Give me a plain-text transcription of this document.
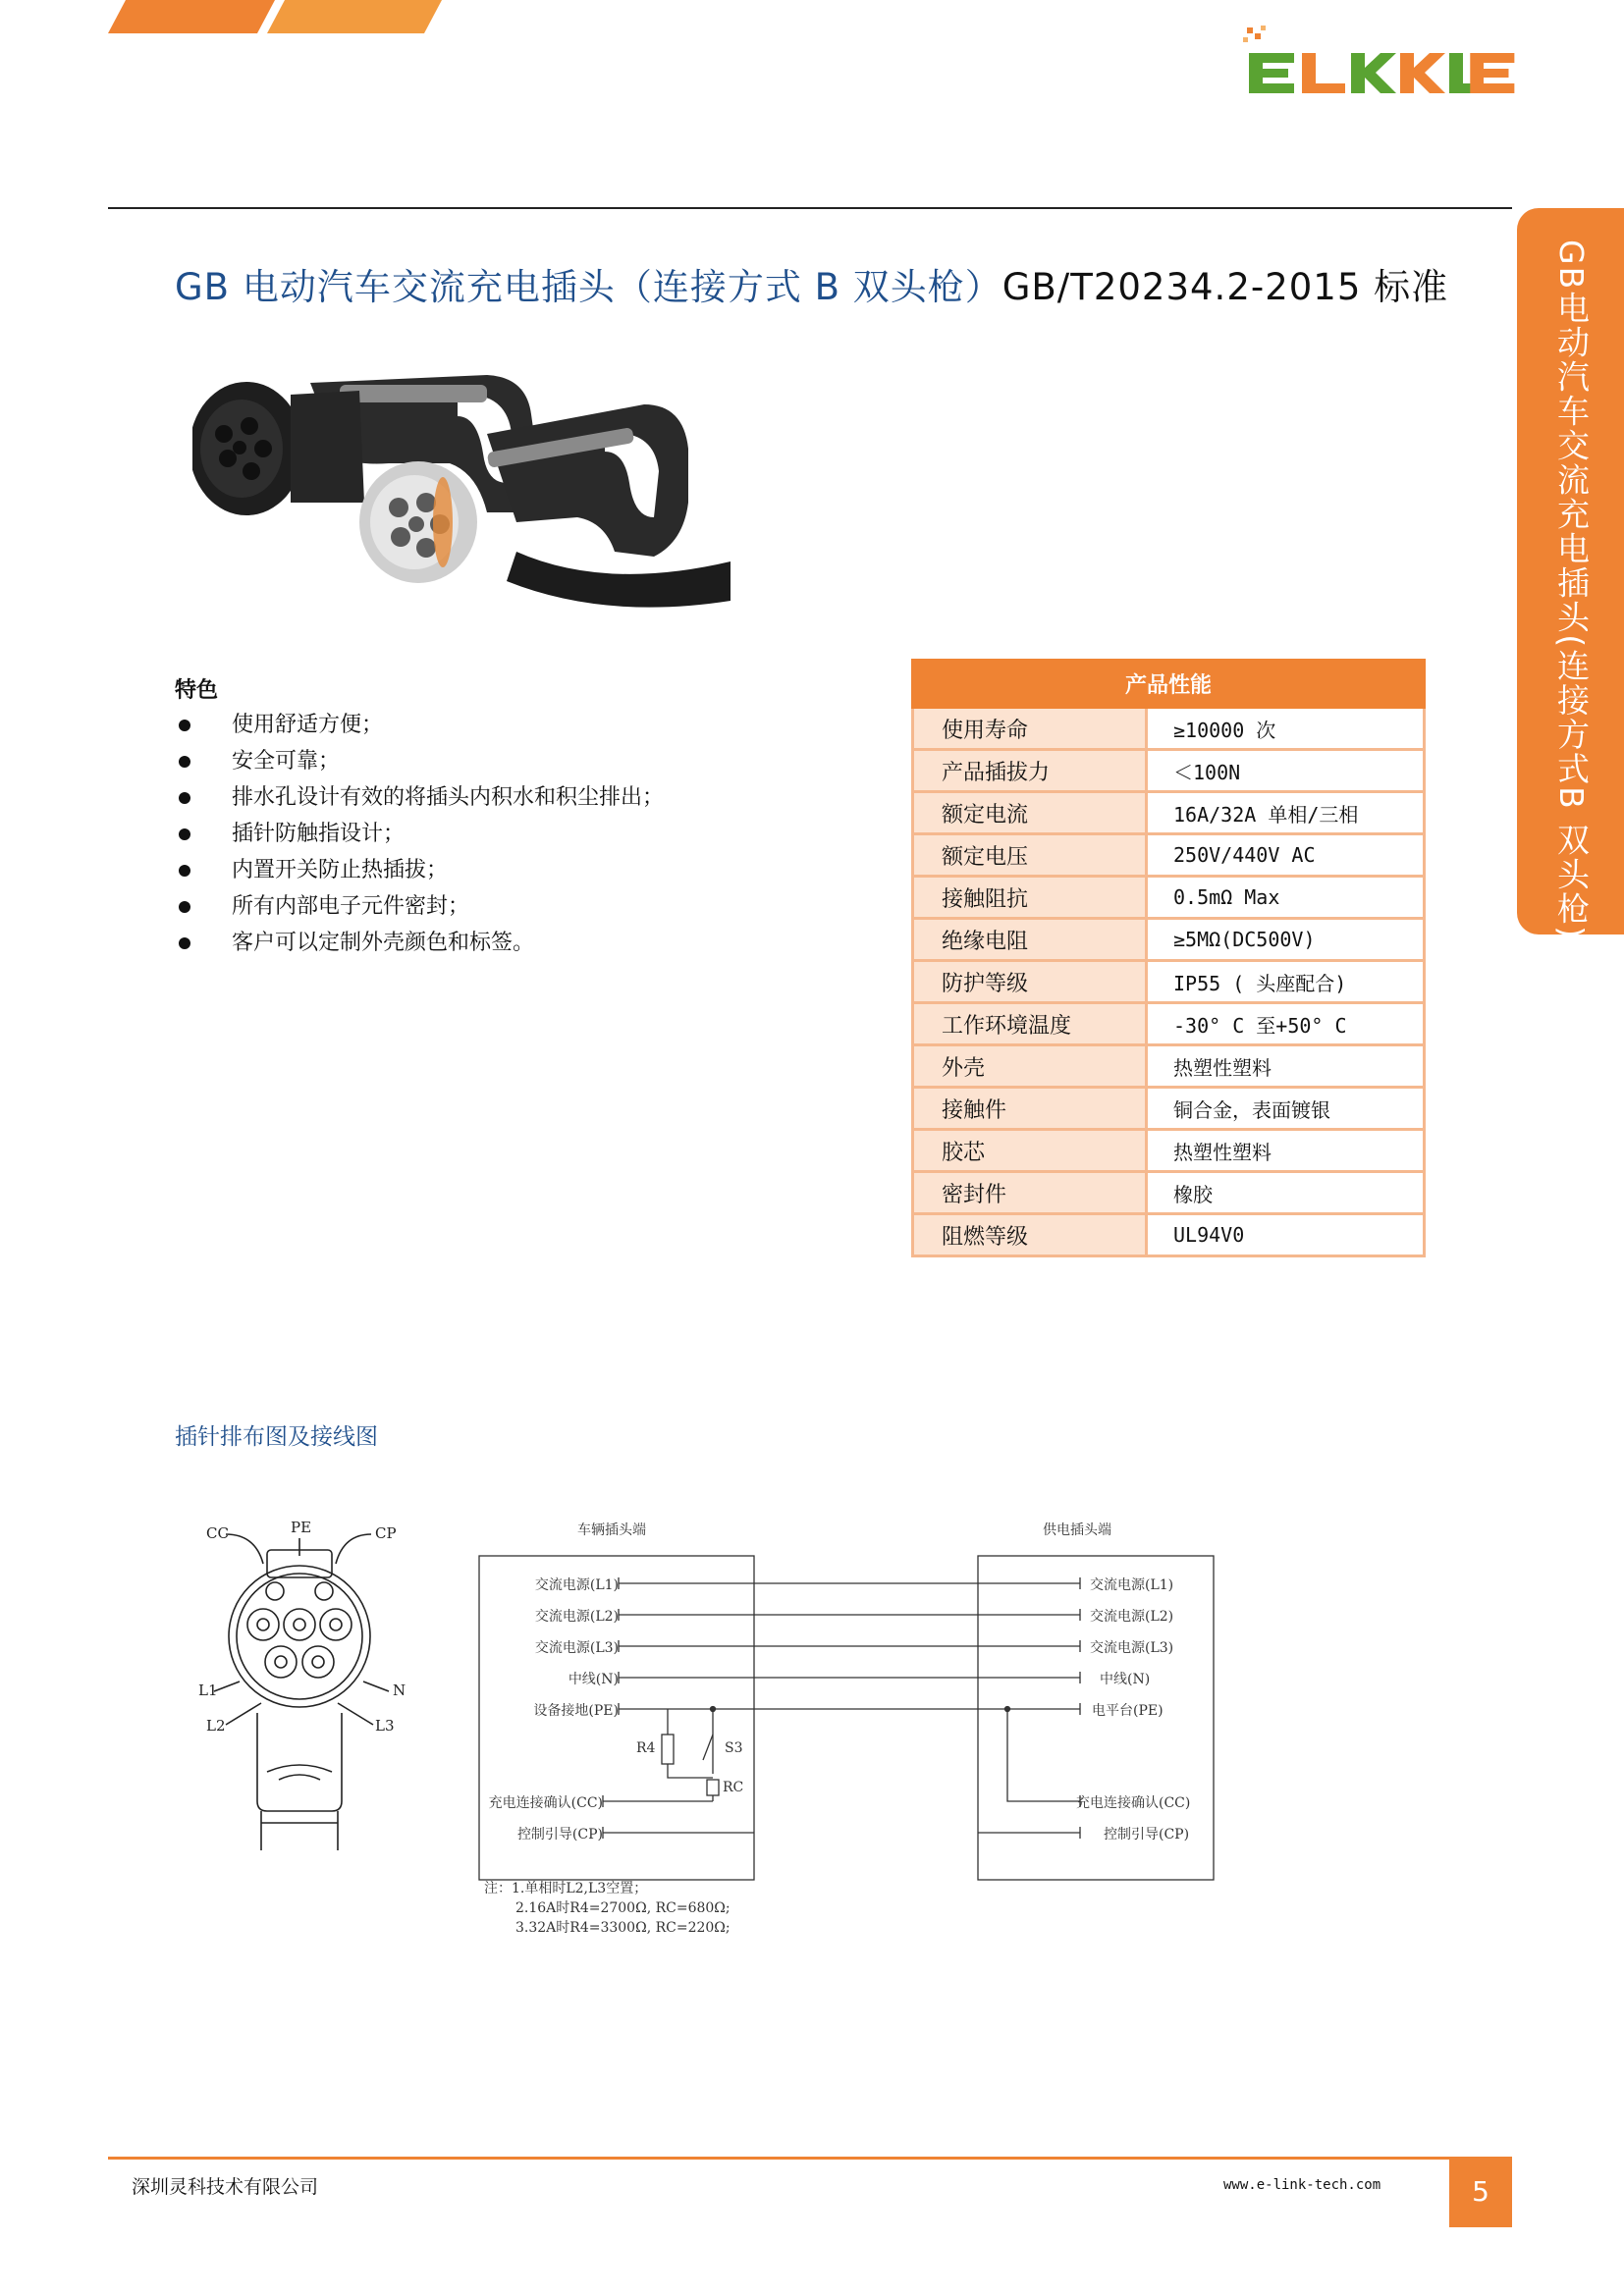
GB电动汽车交流充电插头(连接方式B 双头枪)
GB 电动汽车交流充电插头（连接方式 B 双头枪）GB/T20234.2-2015 标准
特色
使用舒适方便；
安全可靠；
排水孔设计有效的将插头内积水和积尘排出；
插针防触指设计；
内置开关防止热插拔；
所有内部电子元件密封；
客户可以定制外壳颜色和标签。
产品性能	
使用寿命	≥10000 次
产品插拔力	＜100N
额定电流	16A/32A 单相/三相
额定电压	250V/440V AC
接触阻抗	0.5mΩ Max
绝缘电阻	≥5MΩ(DC500V)
防护等级	IP55 ( 头座配合)
工作环境温度	-30° C 至+50° C
外壳	热塑性塑料
接触件	铜合金，表面镀银
胶芯	热塑性塑料
密封件	橡胶
阻燃等级	UL94V0
插针排布图及接线图
CC	PE	CP
L1	N
L2	L3
车辆插头端	供电插头端
交流电源(L1)
交流电源(L2)
交流电源(L3)
中线(N)
设备接地(PE)
充电连接确认(CC)
控制引导(CP)
交流电源(L1)
交流电源(L2)
交流电源(L3)
中线(N)
电平台(PE)
充电连接确认(CC)
控制引导(CP)
R4	S3
RC
注：1.单相时L2,L3空置；
2.16A时R4=2700Ω, RC=680Ω;
3.32A时R4=3300Ω, RC=220Ω;
深圳灵科技术有限公司	www.e-link-tech.com	5
